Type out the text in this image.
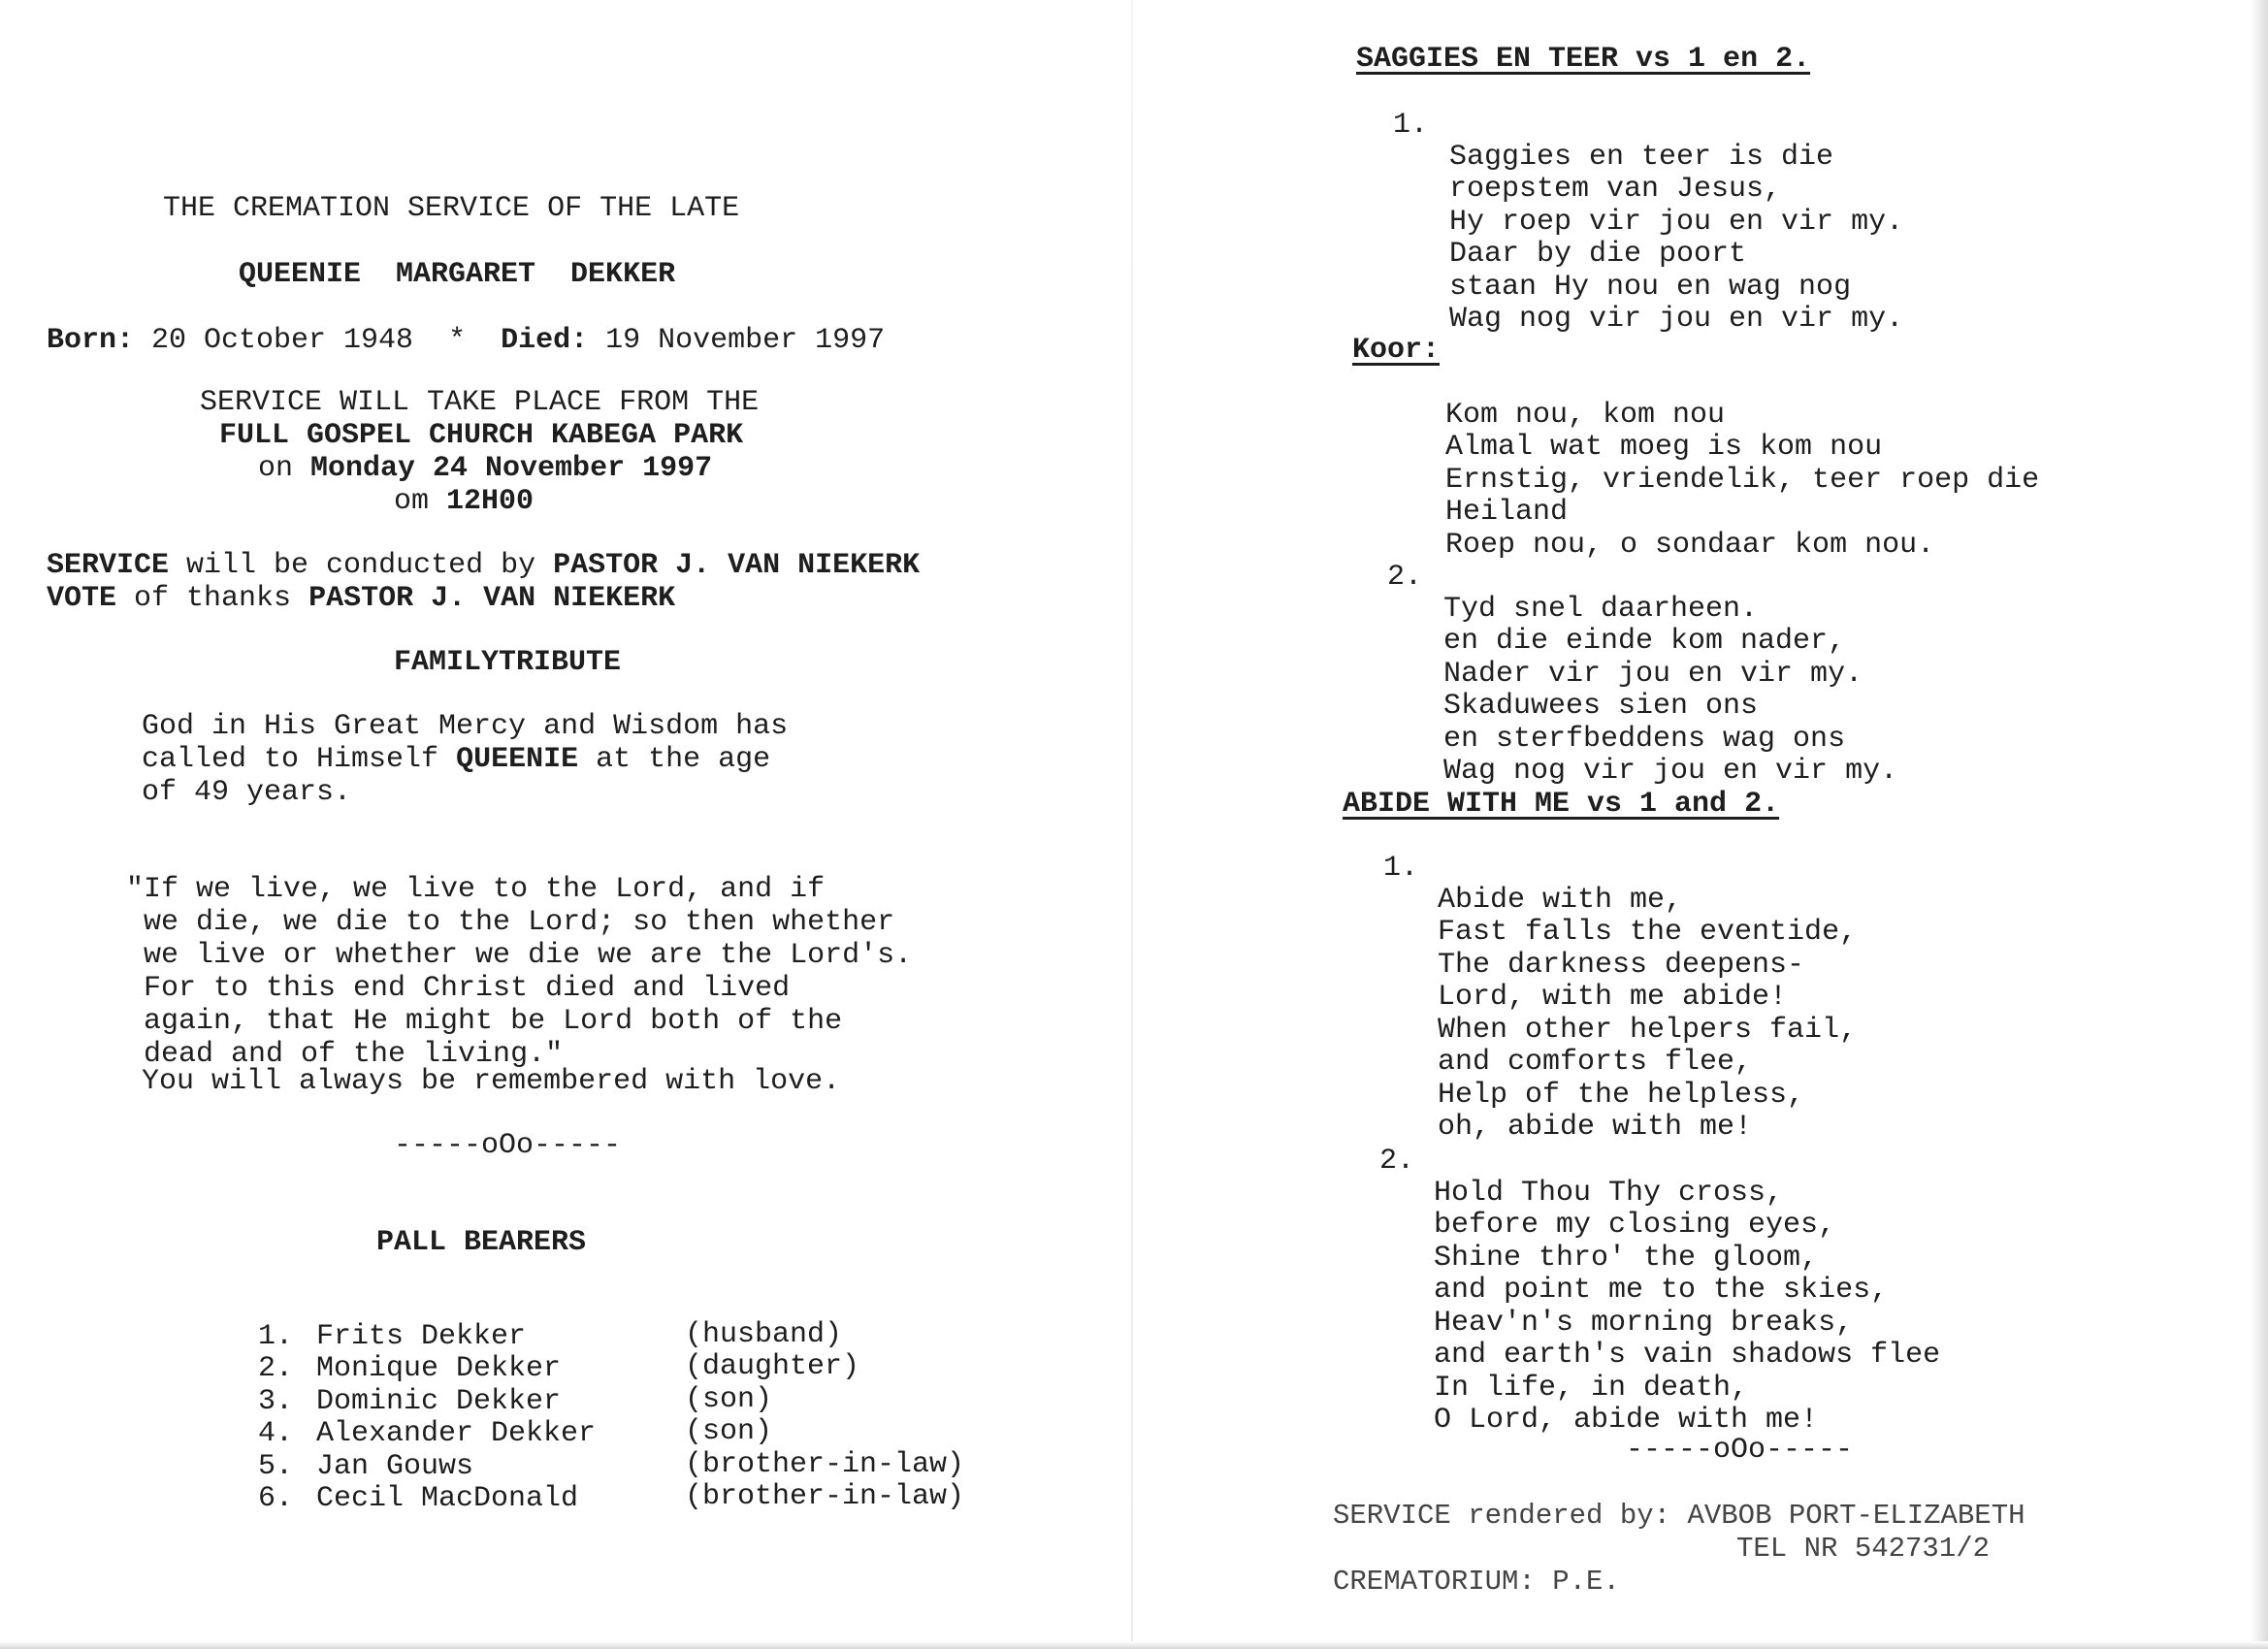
THE CREMATION SERVICE OF THE LATE
QUEENIE  MARGARET  DEKKER
Born: 20 October 1948  *  Died: 19 November 1997
SERVICE WILL TAKE PLACE FROM THE
FULL GOSPEL CHURCH KABEGA PARK
on Monday 24 November 1997
om 12H00
SERVICE will be conducted by PASTOR J. VAN NIEKERK
VOTE of thanks PASTOR J. VAN NIEKERK
FAMILYTRIBUTE
God in His Great Mercy and Wisdom has
called to Himself QUEENIE at the age
of 49 years.

"If we live, we live to the Lord, and if
we die, we die to the Lord; so then whether
we live or whether we die we are the Lord's.
For to this end Christ died and lived
again, that He might be Lord both of the
dead and of the living."
You will always be remembered with love.
-----oOo-----
PALL BEARERS

1.
2.
3.
4.
5.
6.

Frits Dekker
Monique Dekker
Dominic Dekker
Alexander Dekker
Jan Gouws
Cecil MacDonald

(husband)
(daughter)
(son)
(son)
(brother-in-law)
(brother-in-law)
SAGGIES EN TEER vs 1 en 2.
1.

Saggies en teer is die
roepstem van Jesus,
Hy roep vir jou en vir my.
Daar by die poort
staan Hy nou en wag nog
Wag nog vir jou en vir my.
Koor:

Kom nou, kom nou
Almal wat moeg is kom nou
Ernstig, vriendelik, teer roep die
Heiland
Roep nou, o sondaar kom nou.
2.

Tyd snel daarheen.
en die einde kom nader,
Nader vir jou en vir my.
Skaduwees sien ons
en sterfbeddens wag ons
Wag nog vir jou en vir my.
ABIDE WITH ME vs 1 and 2.
1.

Abide with me,
Fast falls the eventide,
The darkness deepens-
Lord, with me abide!
When other helpers fail,
and comforts flee,
Help of the helpless,
oh, abide with me!
2.

Hold Thou Thy cross,
before my closing eyes,
Shine thro' the gloom,
and point me to the skies,
Heav'n's morning breaks,
and earth's vain shadows flee
In life, in death,
O Lord, abide with me!
-----oOo-----
SERVICE rendered by: AVBOB PORT-ELIZABETH
TEL NR 542731/2
CREMATORIUM: P.E.
